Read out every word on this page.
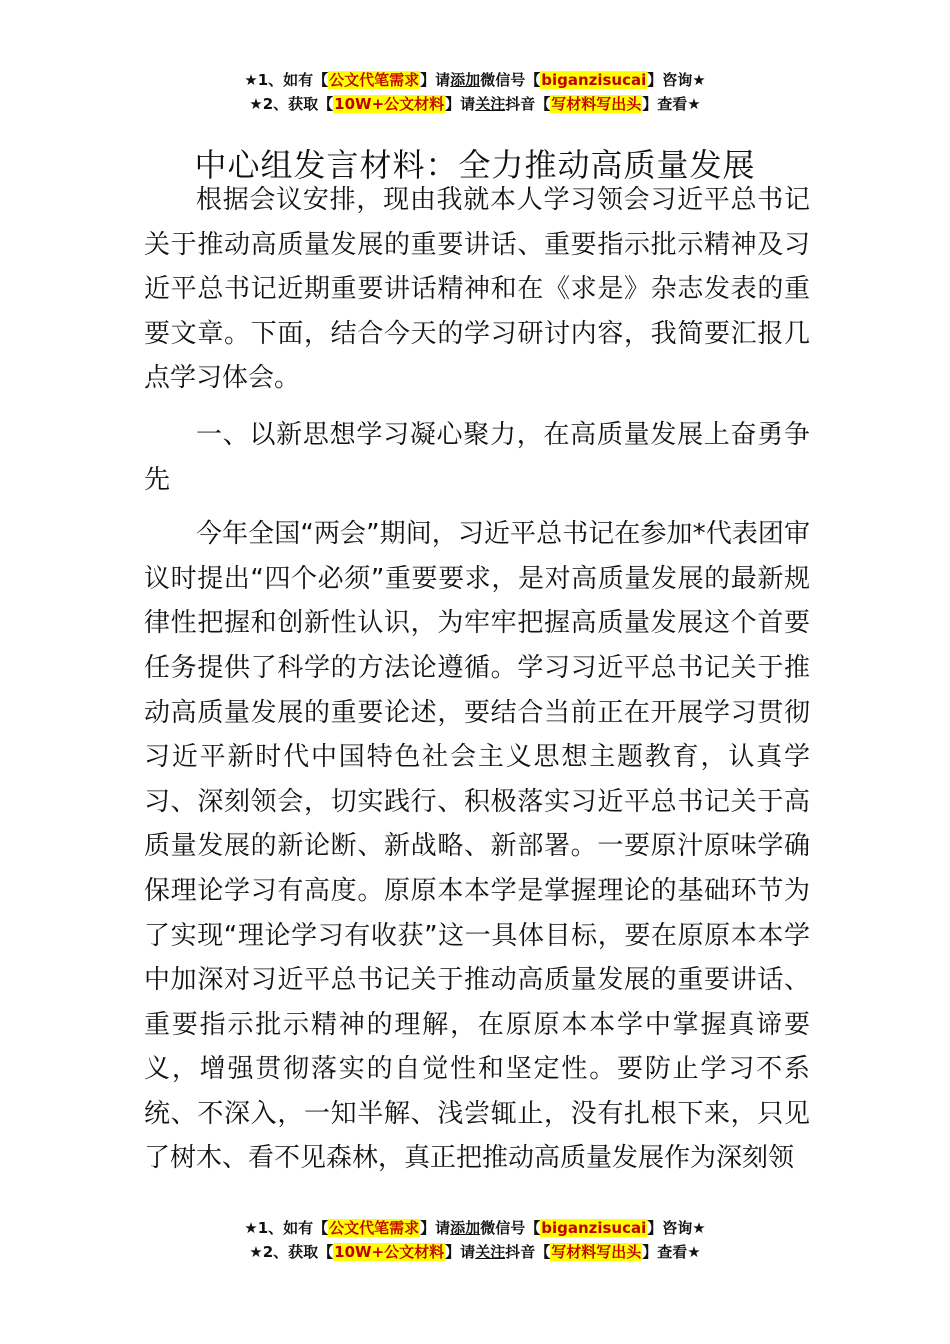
★1、如有【公文代笔需求】请添加微信号【biganzisucai】咨询★
★2、获取【10W+公文材料】请关注抖音【写材料写出头】查看★
中心组发言材料：全力推动高质量发展

根据会议安排，现由我就本人学习领会习近平总书记关于推动高质量发展的重要讲话、重要指示批示精神及习近平总书记近期重要讲话精神和在《求是》杂志发表的重要文章。下面，结合今天的学习研讨内容，我简要汇报几点学习体会。

一、以新思想学习凝心聚力，在高质量发展上奋勇争先

今年全国“两会”期间，习近平总书记在参加*代表团审议时提出“四个必须”重要要求，是对高质量发展的最新规律性把握和创新性认识，为牢牢把握高质量发展这个首要任务提供了科学的方法论遵循。学习习近平总书记关于推动高质量发展的重要论述，要结合当前正在开展学习贯彻习近平新时代中国特色社会主义思想主题教育，认真学习、深刻领会，切实践行、积极落实习近平总书记关于高质量发展的新论断、新战略、新部署。一要原汁原味学确保理论学习有高度。原原本本学是掌握理论的基础环节为了实现“理论学习有收获”这一具体目标，要在原原本本学中加深对习近平总书记关于推动高质量发展的重要讲话、重要指示批示精神的理解，在原原本本学中掌握真谛要义，增强贯彻落实的自觉性和坚定性。要防止学习不系统、不深入，一知半解、浅尝辄止，没有扎根下来，只见了树木、看不见森林，真正把推动高质量发展作为深刻领

★1、如有【公文代笔需求】请添加微信号【biganzisucai】咨询★
★2、获取【10W+公文材料】请关注抖音【写材料写出头】查看★
